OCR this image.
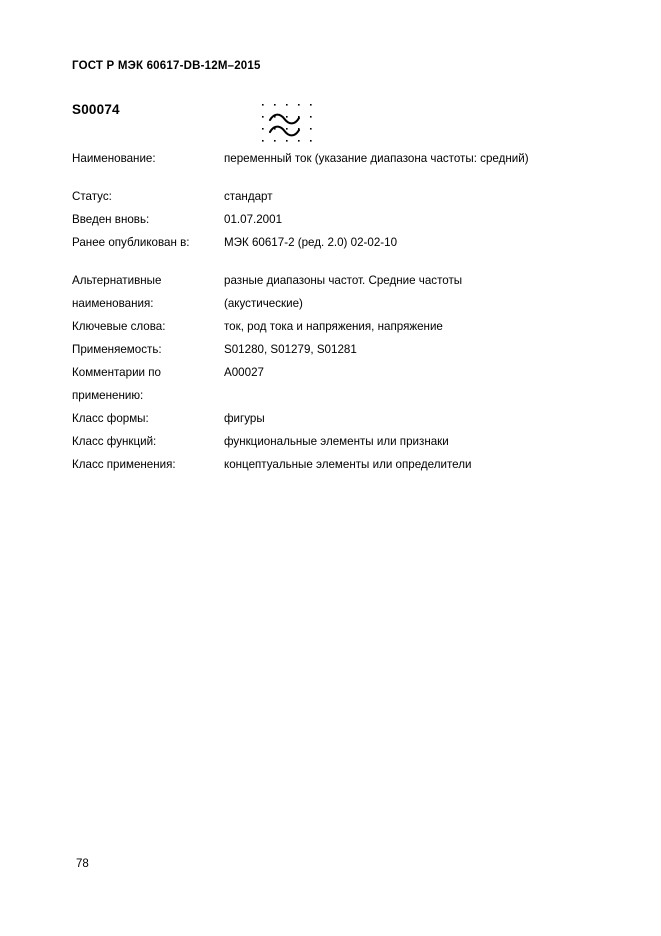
ГОСТ Р МЭК 60617-DB-12M–2015
S00074
Наименование:	переменный ток (указание диапазона частоты: средний)
Статус:	стандарт
Введен вновь:	01.07.2001
Ранее опубликован в:	МЭК 60617-2 (ред. 2.0) 02-02-10
Альтернативные
наименования:	разные диапазоны частот. Средние частоты
(акустические)

Ключевые слова:	ток, род тока и напряжения, напряжение
Применяемость:	S01280, S01279, S01281
Комментарии по
применению:	A00027
Класс формы:	фигуры
Класс функций:	функциональные элементы или признаки
Класс применения:	концептуальные элементы или определители
78
